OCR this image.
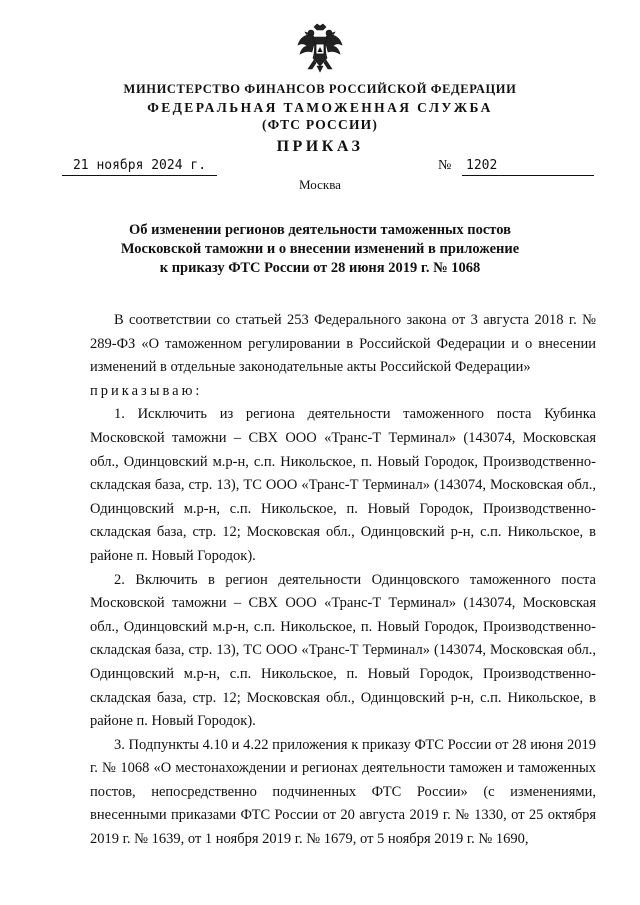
МИНИСТЕРСТВО ФИНАНСОВ РОССИЙСКОЙ ФЕДЕРАЦИИ

ФЕДЕРАЛЬНАЯ ТАМОЖЕННАЯ СЛУЖБА

(ФТС РОССИИ)

ПРИКАЗ

21 ноября 2024 г.	№	1202
Москва
Об изменении регионов деятельности таможенных постов
Московской таможни и о внесении изменений в приложение
к приказу ФТС России от 28 июня 2019 г. № 1068

В соответствии со статьей 253 Федерального закона от 3 августа 2018 г. № 289-ФЗ «О таможенном регулировании в Российской Федерации и о внесении изменений в отдельные законодательные акты Российской Федерации»
приказываю:

1. Исключить из региона деятельности таможенного поста Кубинка Московской таможни – СВХ ООО «Транс-Т Терминал» (143074, Московская обл., Одинцовский м.р-н, с.п. Никольское, п. Новый Городок, Производственно-складская база, стр. 13), ТС ООО «Транс-Т Терминал» (143074, Московская обл., Одинцовский м.р-н, с.п. Никольское, п. Новый Городок, Производственно-складская база, стр. 12; Московская обл., Одинцовский р-н, с.п. Никольское, в районе п. Новый Городок).

2. Включить в регион деятельности Одинцовского таможенного поста Московской таможни – СВХ ООО «Транс-Т Терминал» (143074, Московская обл., Одинцовский м.р-н, с.п. Никольское, п. Новый Городок, Производственно-складская база, стр. 13), ТС ООО «Транс-Т Терминал» (143074, Московская обл., Одинцовский м.р-н, с.п. Никольское, п. Новый Городок, Производственно-складская база, стр. 12; Московская обл., Одинцовский р-н, с.п. Никольское, в районе п. Новый Городок).

3. Подпункты 4.10 и 4.22 приложения к приказу ФТС России от 28 июня 2019 г. № 1068 «О местонахождении и регионах деятельности таможен и таможенных постов, непосредственно подчиненных ФТС России» (с изменениями, внесенными приказами ФТС России от 20 августа 2019 г. № 1330, от 25 октября 2019 г. № 1639, от 1 ноября 2019 г. № 1679, от 5 ноября 2019 г. № 1690,
